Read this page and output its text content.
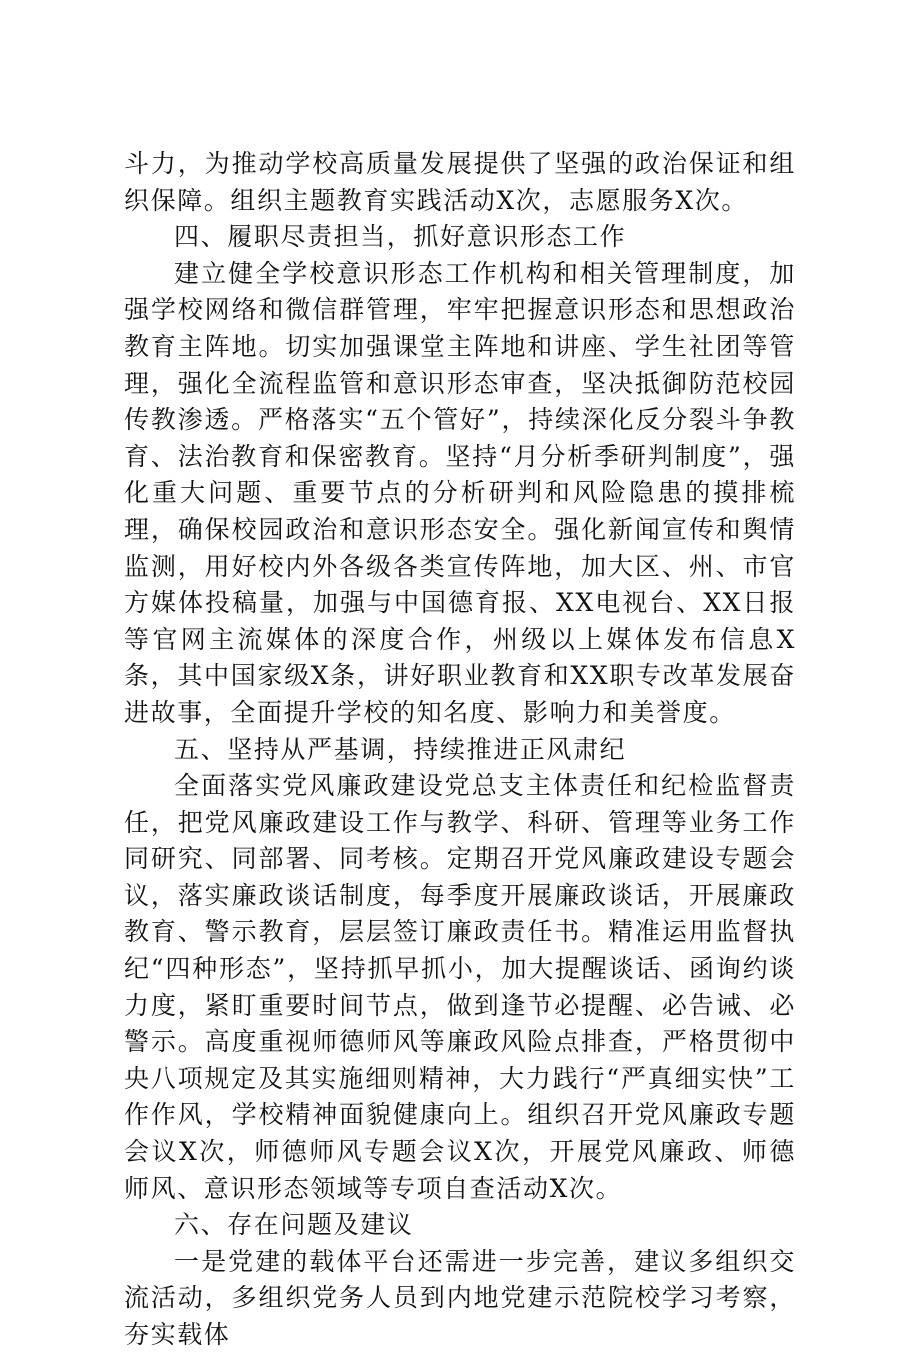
斗力，为推动学校高质量发展提供了坚强的政治保证和组织保障。组织主题教育实践活动X次，志愿服务X次。

四、履职尽责担当，抓好意识形态工作

建立健全学校意识形态工作机构和相关管理制度，加强学校网络和微信群管理，牢牢把握意识形态和思想政治教育主阵地。切实加强课堂主阵地和讲座、学生社团等管理，强化全流程监管和意识形态审查，坚决抵御防范校园传教渗透。严格落实“五个管好”，持续深化反分裂斗争教育、法治教育和保密教育。坚持“月分析季研判制度”，强化重大问题、重要节点的分析研判和风险隐患的摸排梳理，确保校园政治和意识形态安全。强化新闻宣传和舆情监测，用好校内外各级各类宣传阵地，加大区、州、市官方媒体投稿量，加强与中国德育报、XX电视台、XX日报等官网主流媒体的深度合作，州级以上媒体发布信息X条，其中国家级X条，讲好职业教育和XX职专改革发展奋进故事，全面提升学校的知名度、影响力和美誉度。

五、坚持从严基调，持续推进正风肃纪

全面落实党风廉政建设党总支主体责任和纪检监督责任，把党风廉政建设工作与教学、科研、管理等业务工作同研究、同部署、同考核。定期召开党风廉政建设专题会议，落实廉政谈话制度，每季度开展廉政谈话，开展廉政教育、警示教育，层层签订廉政责任书。精准运用监督执纪“四种形态”，坚持抓早抓小，加大提醒谈话、函询约谈力度，紧盯重要时间节点，做到逢节必提醒、必告诫、必警示。高度重视师德师风等廉政风险点排查，严格贯彻中央八项规定及其实施细则精神，大力践行“严真细实快”工作作风，学校精神面貌健康向上。组织召开党风廉政专题会议X次，师德师风专题会议X次，开展党风廉政、师德师风、意识形态领域等专项自查活动X次。

六、存在问题及建议

一是党建的载体平台还需进一步完善，建议多组织交流活动，多组织党务人员到内地党建示范院校学习考察，夯实载体
